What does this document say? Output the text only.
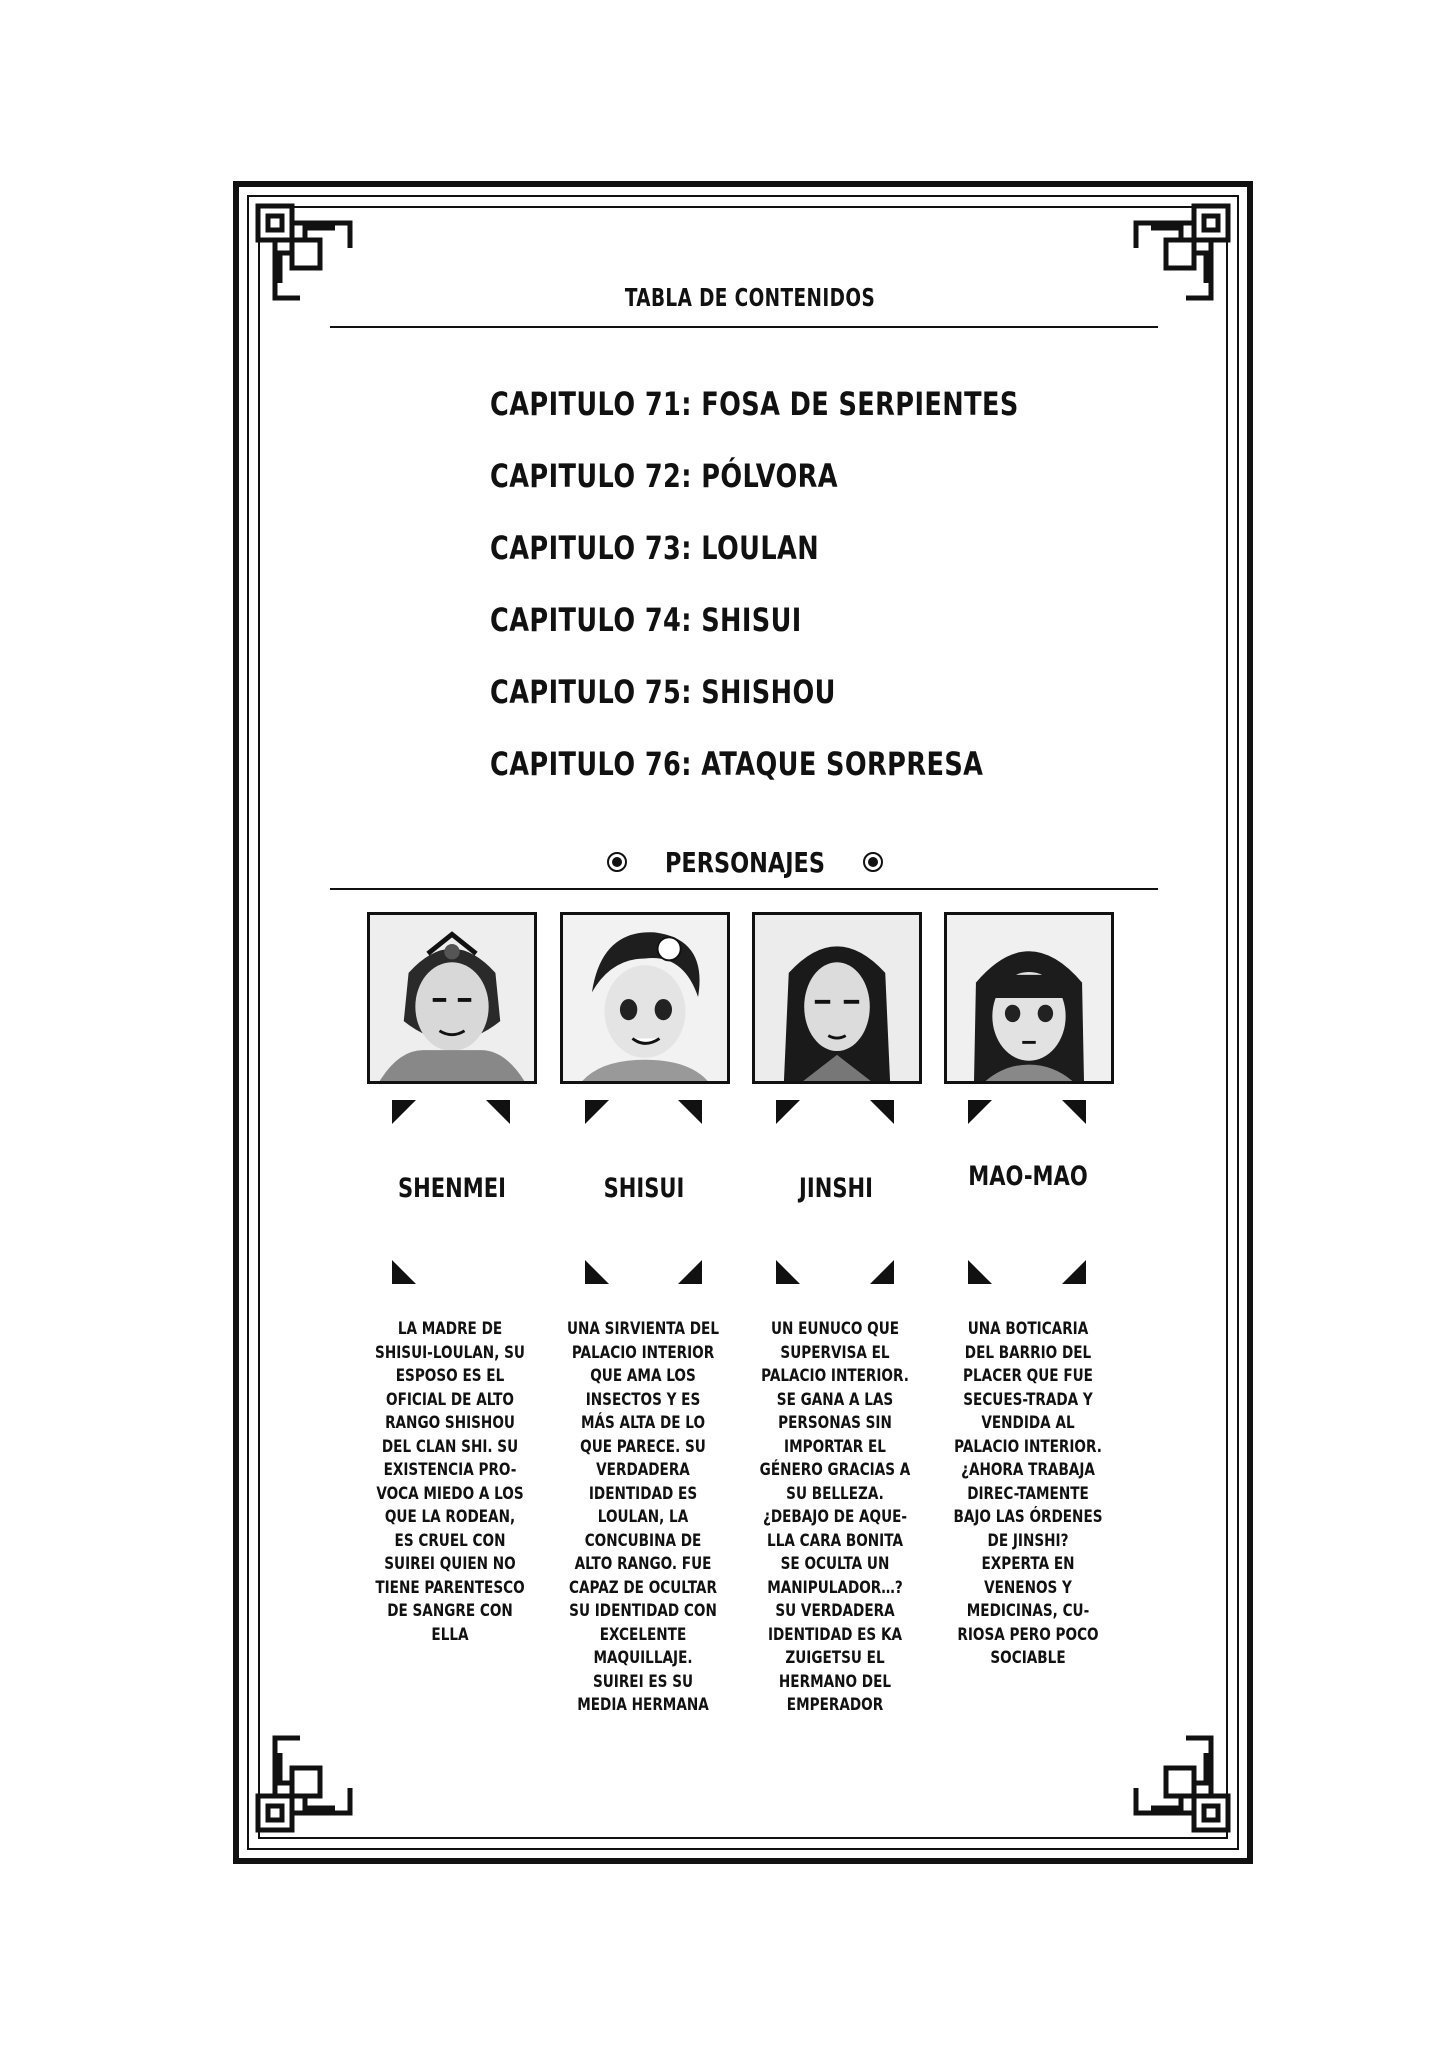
TABLA DE CONTENIDOS
CAPITULO 71: FOSA DE SERPIENTES
CAPITULO 72: PÓLVORA
CAPITULO 73: LOULAN
CAPITULO 74: SHISUI
CAPITULO 75: SHISHOU
CAPITULO 76: ATAQUE SORPRESA
PERSONAJES
SHENMEI	SHISUI	JINSHI	MAO-MAO
LA MADRE DE SHISUI-LOULAN, SU ESPOSO ES EL OFICIAL DE ALTO RANGO SHISHOU DEL CLAN SHI. SU EXISTENCIA PRO-VOCA MIEDO A LOS QUE LA RODEAN, ES CRUEL CON SUIREI QUIEN NO TIENE PARENTESCO DE SANGRE CON ELLA
UNA SIRVIENTA DEL PALACIO INTERIOR QUE AMA LOS INSECTOS Y ES MÁS ALTA DE LO QUE PARECE. SU VERDADERA IDENTIDAD ES LOULAN, LA CONCUBINA DE ALTO RANGO. FUE CAPAZ DE OCULTAR SU IDENTIDAD CON EXCELENTE MAQUILLAJE. SUIREI ES SU MEDIA HERMANA
UN EUNUCO QUE SUPERVISA EL PALACIO INTERIOR. SE GANA A LAS PERSONAS SIN IMPORTAR EL GÉNERO GRACIAS A SU BELLEZA. ¿DEBAJO DE AQUE-LLA CARA BONITA SE OCULTA UN MANIPULADOR…? SU VERDADERA IDENTIDAD ES KA ZUIGETSU EL HERMANO DEL EMPERADOR
UNA BOTICARIA DEL BARRIO DEL PLACER QUE FUE SECUES-TRADA Y VENDIDA AL PALACIO INTERIOR. ¿AHORA TRABAJA DIREC-TAMENTE BAJO LAS ÓRDENES DE JINSHI? EXPERTA EN VENENOS Y MEDICINAS, CU-RIOSA PERO POCO SOCIABLE
